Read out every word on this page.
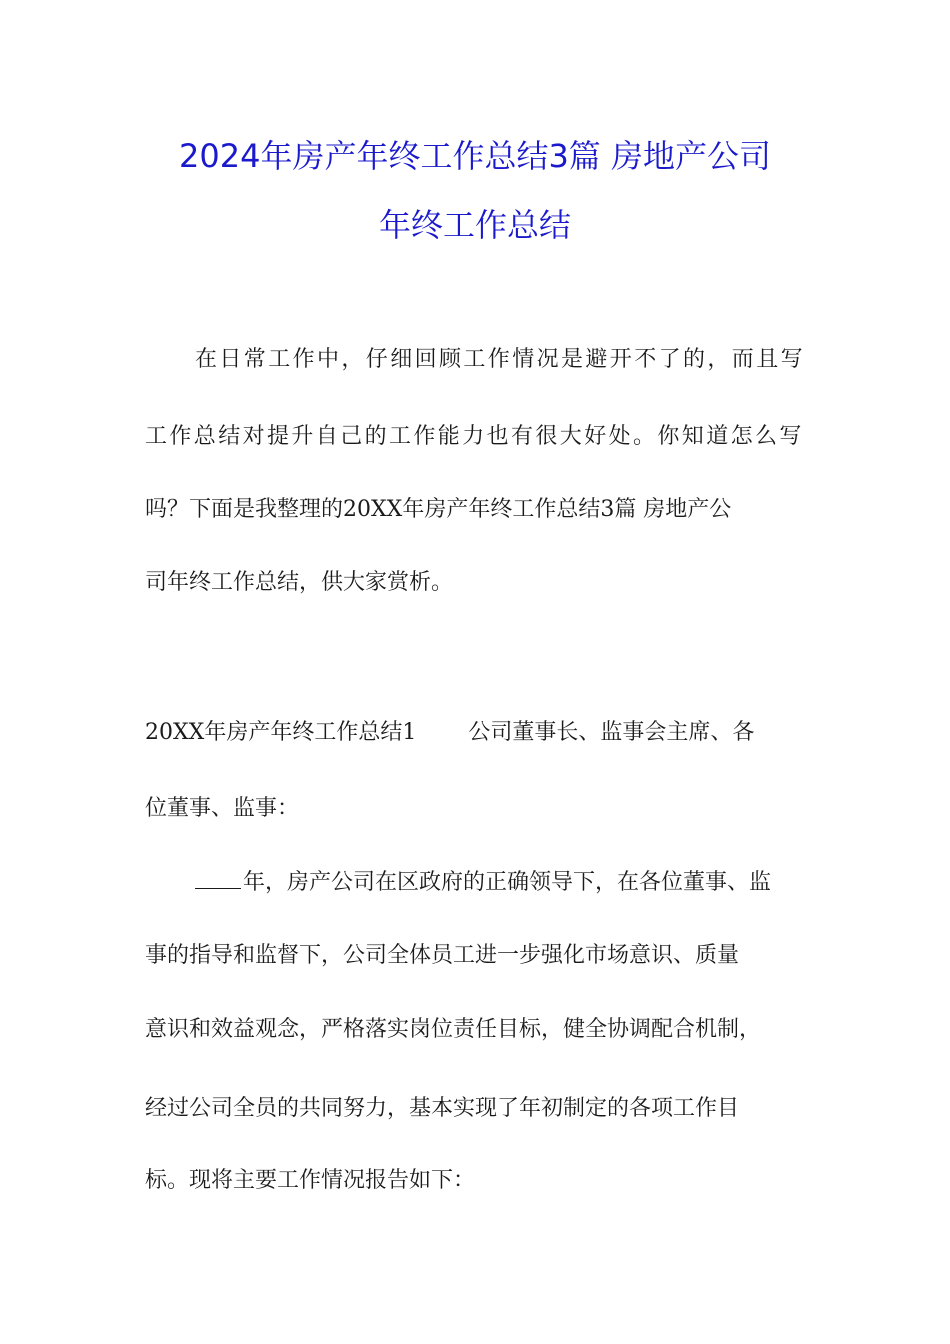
2024年房产年终工作总结3篇 房地产公司
年终工作总结
在日常工作中，仔细回顾工作情况是避开不了的，而且写
工作总结对提升自己的工作能力也有很大好处。你知道怎么写
吗？下面是我整理的20XX年房产年终工作总结3篇 房地产公
司年终工作总结，供大家赏析。
20XX年房产年终工作总结1 公司董事长、监事会主席、各
位董事、监事：
年，房产公司在区政府的正确领导下，在各位董事、监
事的指导和监督下，公司全体员工进一步强化市场意识、质量
意识和效益观念，严格落实岗位责任目标，健全协调配合机制，
经过公司全员的共同努力，基本实现了年初制定的各项工作目
标。现将主要工作情况报告如下：
